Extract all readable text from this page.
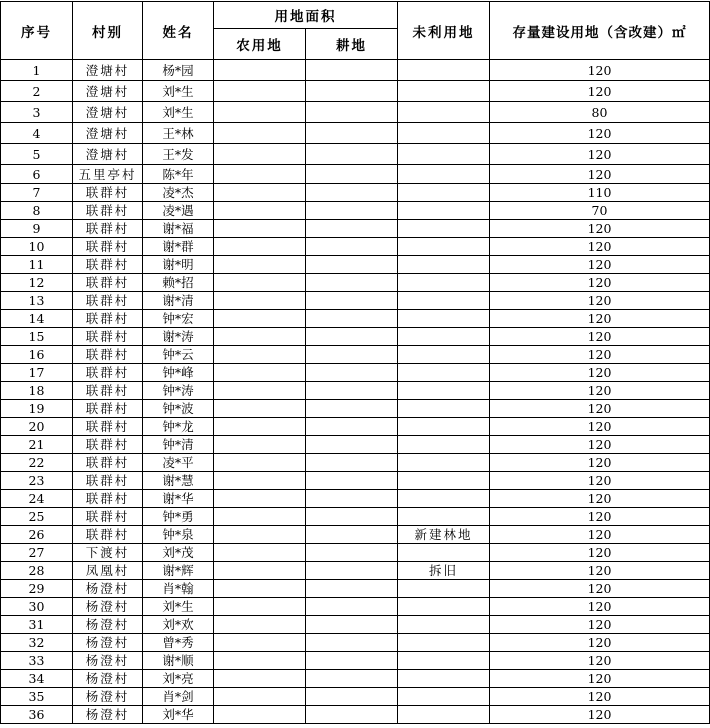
序号	村别	姓名	用地面积		未利用地	存量建设用地（含改建）㎡
			农用地	耕地		
1	澄塘村	杨*园				120
2	澄塘村	刘*生				120
3	澄塘村	刘*生				80
4	澄塘村	王*林				120
5	澄塘村	王*发				120
6	五里亭村	陈*年				120
7	联群村	凌*杰				110
8	联群村	凌*遇				70
9	联群村	谢*福				120
10	联群村	谢*群				120
11	联群村	谢*明				120
12	联群村	赖*招				120
13	联群村	谢*清				120
14	联群村	钟*宏				120
15	联群村	谢*涛				120
16	联群村	钟*云				120
17	联群村	钟*峰				120
18	联群村	钟*涛				120
19	联群村	钟*波				120
20	联群村	钟*龙				120
21	联群村	钟*清				120
22	联群村	凌*平				120
23	联群村	谢*慧				120
24	联群村	谢*华				120
25	联群村	钟*勇				120
26	联群村	钟*泉			新建林地	120
27	下渡村	刘*茂				120
28	凤凰村	谢*辉			拆旧	120
29	杨澄村	肖*翰				120
30	杨澄村	刘*生				120
31	杨澄村	刘*欢				120
32	杨澄村	曾*秀				120
33	杨澄村	谢*顺				120
34	杨澄村	刘*亮				120
35	杨澄村	肖*剑				120
36	杨澄村	刘*华				120
